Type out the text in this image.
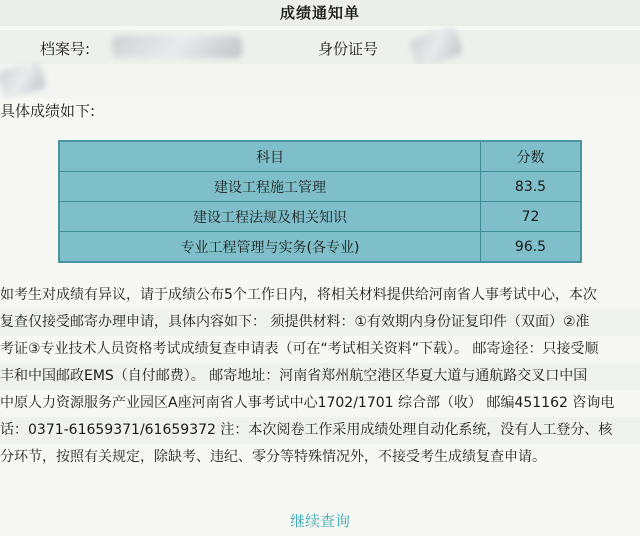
成绩通知单
档案号:	身份证号
具体成绩如下:
科目	分数
建设工程施工管理	83.5
建设工程法规及相关知识	72
专业工程管理与实务(各专业)	96.5
如考生对成绩有异议，请于成绩公布5个工作日内，将相关材料提供给河南省人事考试中心，本次
复查仅接受邮寄办理申请，具体内容如下： 须提供材料：①有效期内身份证复印件（双面）②准
考证③专业技术人员资格考试成绩复查申请表（可在“考试相关资料”下载）。 邮寄途径：只接受顺
丰和中国邮政EMS（自付邮费）。 邮寄地址：河南省郑州航空港区华夏大道与通航路交叉口中国
中原人力资源服务产业园区A座河南省人事考试中心1702/1701 综合部（收） 邮编451162 咨询电
话：0371-61659371/61659372 注：本次阅卷工作采用成绩处理自动化系统，没有人工登分、核
分环节，按照有关规定，除缺考、违纪、零分等特殊情况外，不接受考生成绩复查申请。
继续查询
